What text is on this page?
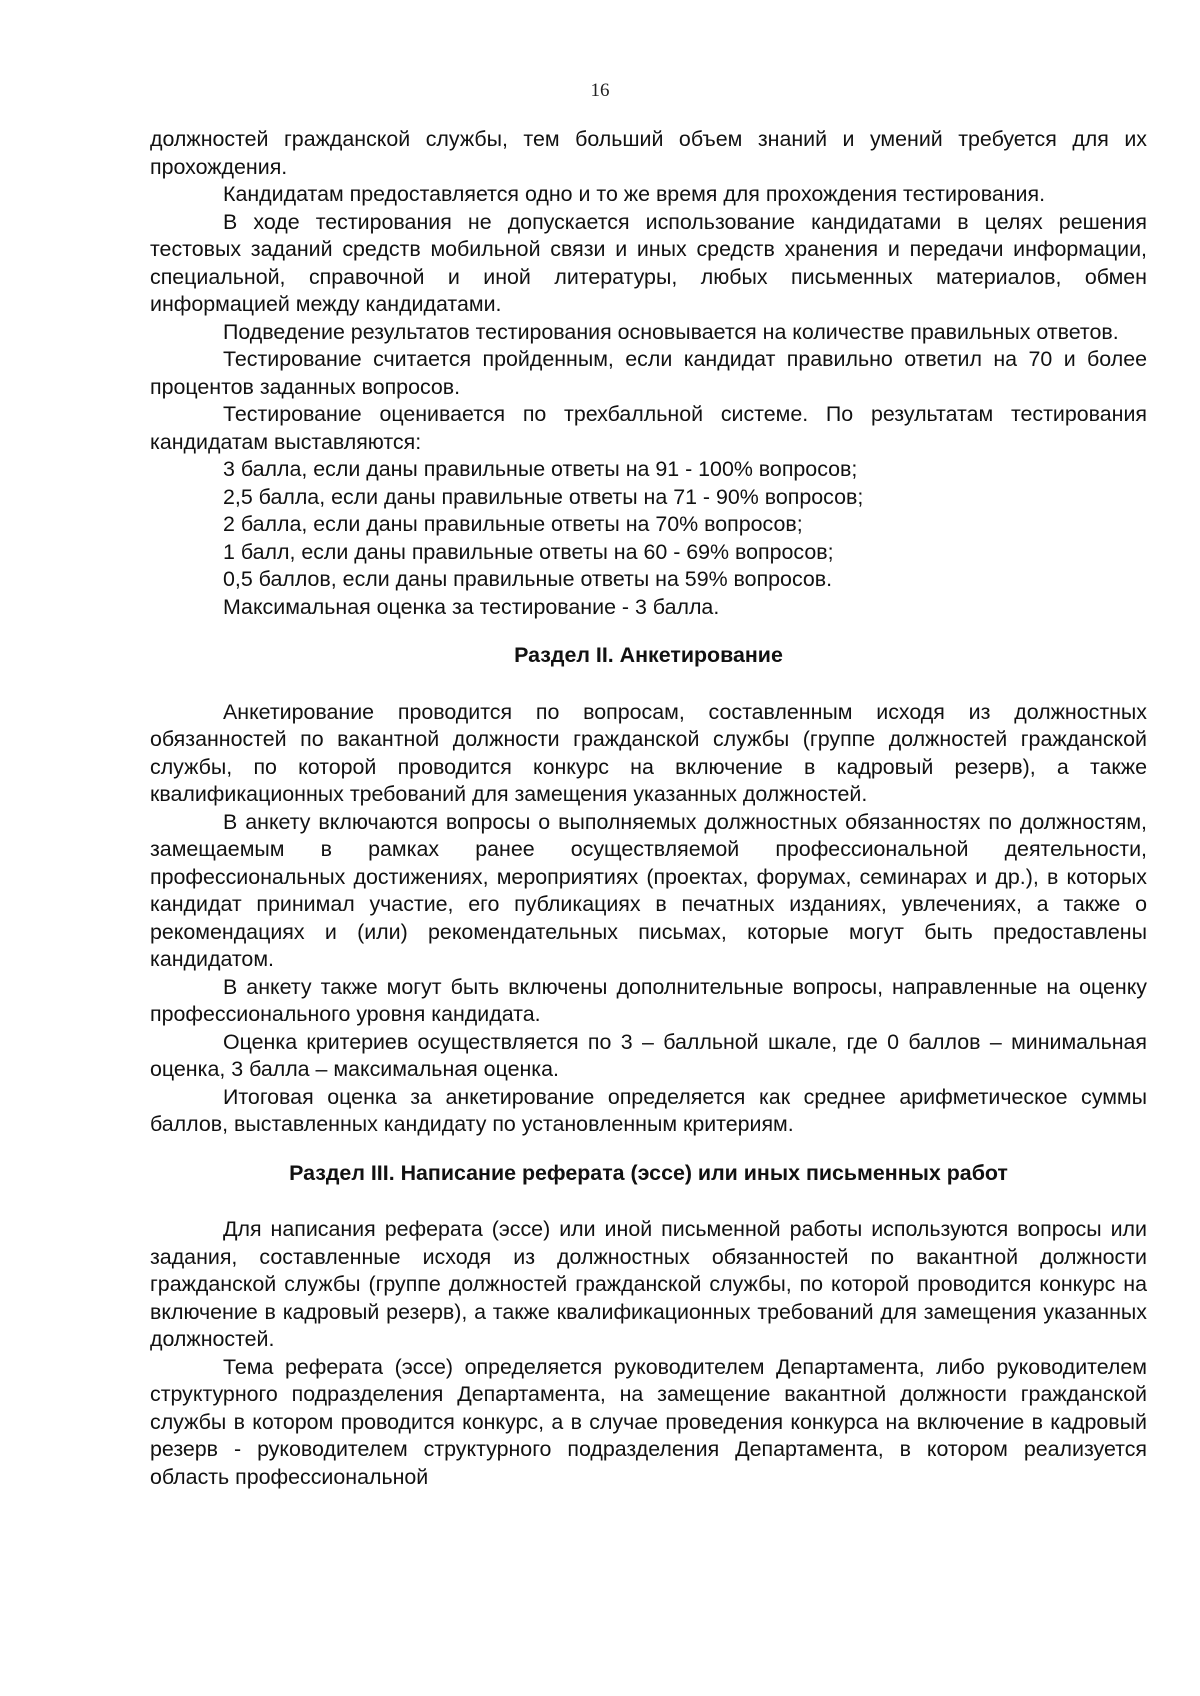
16

должностей гражданской службы, тем больший объем знаний и умений требуется для их прохождения.

Кандидатам предоставляется одно и то же время для прохождения тестирования.

В ходе тестирования не допускается использование кандидатами в целях решения тестовых заданий средств мобильной связи и иных средств хранения и передачи информации, специальной, справочной и иной литературы, любых письменных материалов, обмен информацией между кандидатами.

Подведение результатов тестирования основывается на количестве правильных ответов.

Тестирование считается пройденным, если кандидат правильно ответил на 70 и более процентов заданных вопросов.

Тестирование оценивается по трехбалльной системе. По результатам тестирования кандидатам выставляются:

3 балла, если даны правильные ответы на 91 - 100% вопросов;

2,5 балла, если даны правильные ответы на 71 - 90% вопросов;

2 балла, если даны правильные ответы на 70% вопросов;

1 балл, если даны правильные ответы на 60 - 69% вопросов;

0,5 баллов, если даны правильные ответы на 59% вопросов.

Максимальная оценка за тестирование - 3 балла.

Раздел II. Анкетирование

Анкетирование проводится по вопросам, составленным исходя из должностных обязанностей по вакантной должности гражданской службы (группе должностей гражданской службы, по которой проводится конкурс на включение в кадровый резерв), а также квалификационных требований для замещения указанных должностей.

В анкету включаются вопросы о выполняемых должностных обязанностях по должностям, замещаемым в рамках ранее осуществляемой профессиональной деятельности, профессиональных достижениях, мероприятиях (проектах, форумах, семинарах и др.), в которых кандидат принимал участие, его публикациях в печатных изданиях, увлечениях, а также о рекомендациях и (или) рекомендательных письмах, которые могут быть предоставлены кандидатом.

В анкету также могут быть включены дополнительные вопросы, направленные на оценку профессионального уровня кандидата.

Оценка критериев осуществляется по 3 – балльной шкале, где 0 баллов – минимальная оценка, 3 балла – максимальная оценка.

Итоговая оценка за анкетирование определяется как среднее арифметическое суммы баллов, выставленных кандидату по установленным критериям.

Раздел III. Написание реферата (эссе) или иных письменных работ

Для написания реферата (эссе) или иной письменной работы используются вопросы или задания, составленные исходя из должностных обязанностей по вакантной должности гражданской службы (группе должностей гражданской службы, по которой проводится конкурс на включение в кадровый резерв), а также квалификационных требований для замещения указанных должностей.

Тема реферата (эссе) определяется руководителем Департамента, либо руководителем структурного подразделения Департамента, на замещение вакантной должности гражданской службы в котором проводится конкурс, а в случае проведения конкурса на включение в кадровый резерв - руководителем структурного подразделения Департамента, в котором реализуется область профессиональной
